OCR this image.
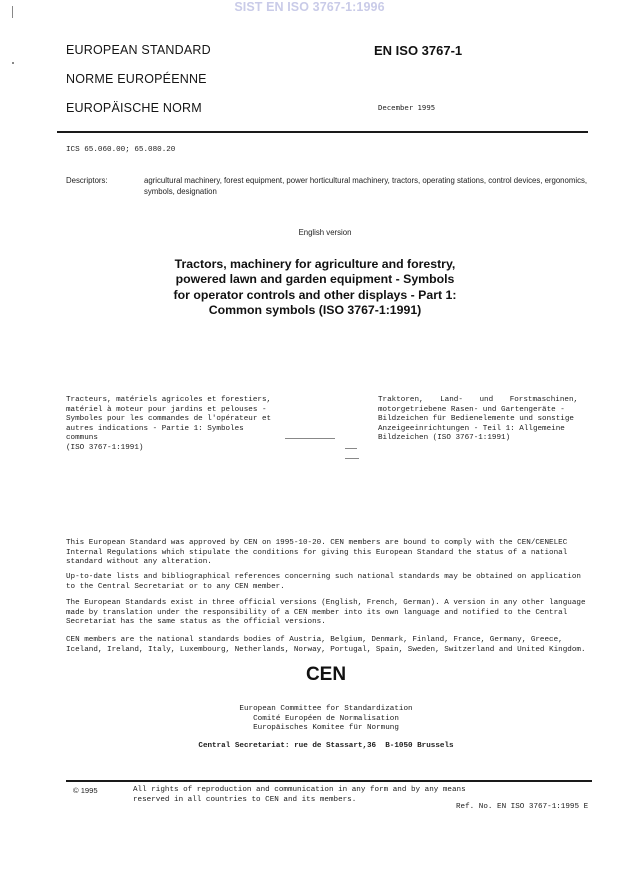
SIST EN ISO 3767-1:1996
EUROPEAN STANDARD
NORME EUROPÉENNE
EUROPÄISCHE NORM
EN ISO 3767-1
December 1995
ICS 65.060.00; 65.080.20
Descriptors:	agricultural machinery, forest equipment, power horticultural machinery, tractors, operating stations, control devices, ergonomics, symbols, designation
English version
Tractors, machinery for agriculture and forestry,
powered lawn and garden equipment - Symbols
for operator controls and other displays - Part 1:
Common symbols (ISO 3767-1:1991)
Tracteurs, matériels agricoles et forestiers,
matériel à moteur pour jardins et pelouses -
Symboles pour les commandes de l'opérateur et
autres indications - Partie 1: Symboles communs
(ISO 3767-1:1991)
Traktoren, Land- und Forstmaschinen,
motorgetriebene Rasen- und Gartengeräte -
Bildzeichen für Bedienelemente und sonstige
Anzeigeeinrichtungen - Teil 1: Allgemeine
Bildzeichen (ISO 3767-1:1991)
This European Standard was approved by CEN on 1995-10-20. CEN members are bound to comply with the CEN/CENELEC Internal Regulations which stipulate the conditions for giving this European Standard the status of a national standard without any alteration.
Up-to-date lists and bibliographical references concerning such national standards may be obtained on application to the Central Secretariat or to any CEN member.
The European Standards exist in three official versions (English, French, German). A version in any other language made by translation under the responsibility of a CEN member into its own language and notified to the Central Secretariat has the same status as the official versions.
CEN members are the national standards bodies of Austria, Belgium, Denmark, Finland, France, Germany, Greece, Iceland, Ireland, Italy, Luxembourg, Netherlands, Norway, Portugal, Spain, Sweden, Switzerland and United Kingdom.
CEN
European Committee for Standardization
Comité Européen de Normalisation
Europäisches Komitee für Normung
Central Secretariat: rue de Stassart,36  B-1050 Brussels
© 1995	All rights of reproduction and communication in any form and by any means
reserved in all countries to CEN and its members.
Ref. No. EN ISO 3767-1:1995 E
